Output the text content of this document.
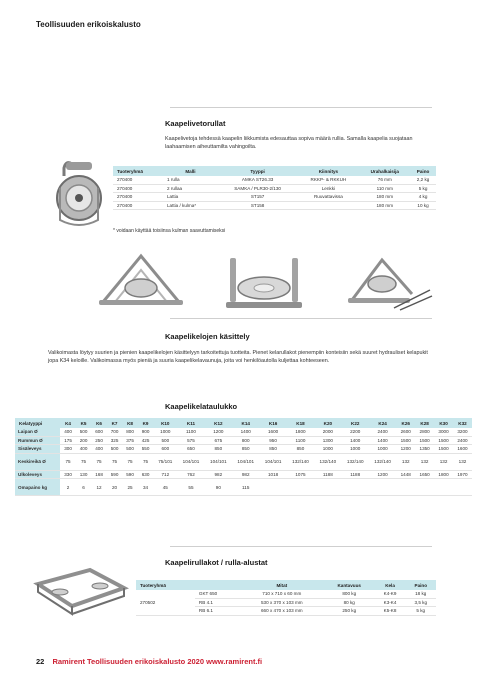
Teollisuuden erikoiskalusto
Kaapelivetorullat
Kaapelivetoja tehdessä kaapelin liikkumista edesauttaa sopiva määrä rullia. Samalla kaapelia suojataan laahaamisen aiheuttamilta vahingoilta.
Tuoteryhmä	Malli	Tyyppi	Kiinnitys	Urahalkaisija	Paino
270400	1 rulla	AMKA ST26.33	RKKP- & RKKUH	76 mm	2,2 kg
270400	2 rullaa	SAMKA / PLR30-2/130	Lenkki	110 mm	5 kg
270400	Lattia	ST157	Ruuvattavissa	180 mm	4 kg
270400	Lattia / kulma*	ST158		180 mm	10 kg
* voidaan käyttää toisiinsa kulman saavuttamiseksi
Kaapelikelojen käsittely
Valikoimasta löytyy suurien ja pienien kaapelikelojen käsittelyyn tarkoitettuja tuotteita. Pienet kelarullakot pienempiin konteisiin sekä suuret hydrauliset kelapukit jopa K34 keloille. Valikoimassa myös pieniä ja suuria kaapelikelavaunuja, joita voi henkilöautolla kuljettaa kohteeseen.
Kaapelikelataulukko
Kelatyyppi	K4	K5	K6	K7	K8	K9	K10	K11	K12	K14	K16	K18	K20	K22	K24	K26	K28	K30	K32
Laipan Ø	400	500	600	700	800	900	1000	1100	1200	1400	1600	1800	2000	2200	2400	2600	2800	3000	3200
Rummun Ø	175	200	250	325	375	425	500	575	675	800	950	1100	1300	1400	1400	1500	1500	1500	2400
Sisäleveys	300	400	400	500	500	550	600	650	850	850	850	850	1000	1000	1000	1200	1350	1500	1600
Keskireikä Ø	75	75	75	75	75	75	75/101	104/101	104/101	104/101	104/101	132/140	132/140	132/140	132/140	132	132	132	132
Ulkoleveys	330	130	168	590	590	630	712	762	982	982	1018	1075	1188	1188	1200	1448	1650	1800	1970
Omapaino kg	2	6	12	20	25	34	45	55	90	115									
Kaapelirullakot / rulla-alustat
Tuoteryhmä		Mitat	Kantavuus	Kela	Paino
270502	GKT 650	710 x 710 x 60 mm	800 kg	K4-K9	18 kg
	RB 4.1	530 x 370 x 103 mm	80 kg	K3-K4	3,5 kg
	RB 6.1	660 x 470 x 103 mm	250 kg	K5-K8	5 kg
22 Ramirent Teollisuuden erikoiskalusto 2020 www.ramirent.fi
